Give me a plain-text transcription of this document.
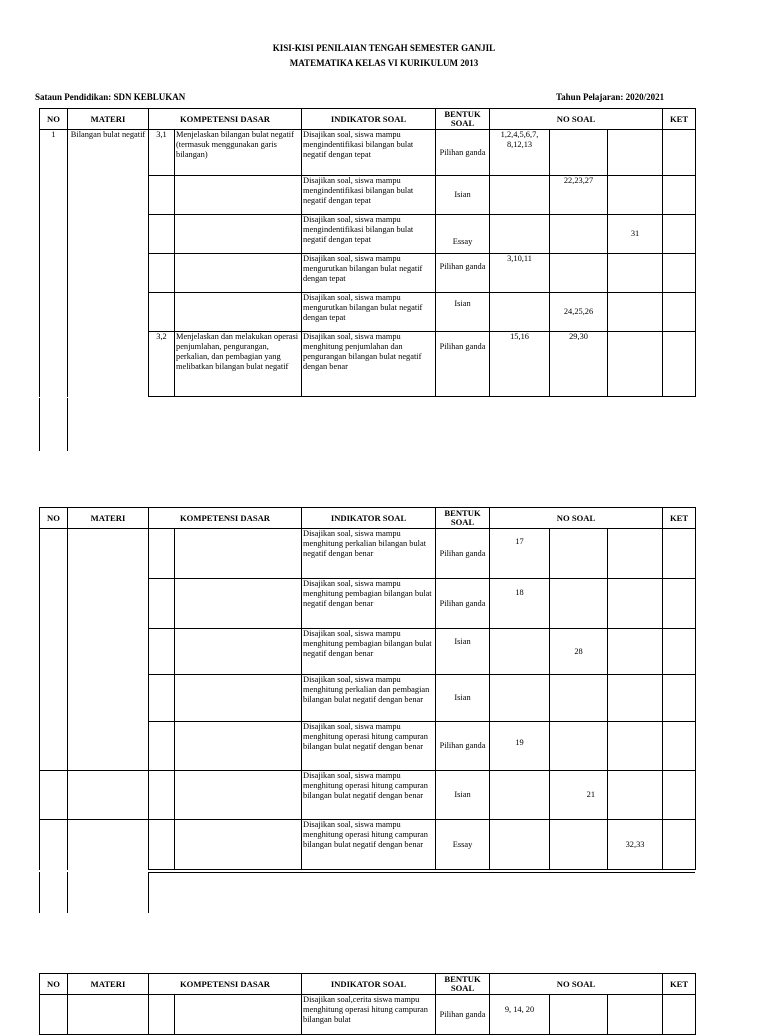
KISI-KISI PENILAIAN TENGAH SEMESTER GANJIL
MATEMATIKA KELAS VI KURIKULUM 2013
Sataun Pendidikan: SDN KEBLUKAN	Tahun Pelajaran: 2020/2021
NO	MATERI	KOMPETENSI DASAR		INDIKATOR SOAL	BENTUK SOAL	NO SOAL			KET
1	Bilangan bulat negatif	3,1	Menjelaskan bilangan bulat negatif (termasuk menggunakan garis bilangan)	Disajikan soal, siswa mampu mengindentifikasi bilangan bulat negatif dengan tepat	Pilihan ganda	1,2,4,5,6,7, 8,12,13			
				Disajikan soal, siswa mampu mengindentifikasi bilangan bulat negatif dengan tepat	Isian		22,23,27		
				Disajikan soal, siswa mampu mengindentifikasi bilangan bulat negatif dengan tepat	Essay			31	
				Disajikan soal, siswa mampu mengurutkan bilangan bulat negatif dengan tepat	Pilihan ganda	3,10,11			
				Disajikan soal, siswa mampu mengurutkan bilangan bulat negatif dengan tepat	Isian		24,25,26		
		3,2	Menjelaskan dan melakukan operasi penjumlahan, pengurangan, perkalian, dan pembagian yang melibatkan bilangan bulat negatif	Disajikan soal, siswa mampu menghitung penjumlahan dan pengurangan bilangan bulat negatif dengan benar	Pilihan ganda	15,16	29,30		
NO	MATERI	KOMPETENSI DASAR		INDIKATOR SOAL	BENTUK SOAL	NO SOAL			KET
				Disajikan soal, siswa mampu menghitung perkalian bilangan bulat negatif dengan benar	Pilihan ganda	17			
				Disajikan soal, siswa mampu menghitung pembagian bilangan bulat negatif dengan benar	Pilihan ganda	18			
				Disajikan soal, siswa mampu menghitung pembagian bilangan bulat negatif dengan benar	Isian		28		
				Disajikan soal, siswa mampu menghitung perkalian dan pembagian bilangan bulat negatif dengan benar	Isian				
				Disajikan soal, siswa mampu menghitung operasi hitung campuran bilangan bulat negatif dengan benar	Pilihan ganda	19			
				Disajikan soal, siswa mampu menghitung operasi hitung campuran bilangan bulat negatif dengan benar	Isian		21		
				Disajikan soal, siswa mampu menghitung operasi hitung campuran bilangan bulat negatif dengan benar	Essay			32,33	
NO	MATERI	KOMPETENSI DASAR		INDIKATOR SOAL	BENTUK SOAL	NO SOAL			KET
				Disajikan soal,cerita siswa mampu menghitung operasi hitung campuran bilangan bulat	Pilihan ganda	9, 14, 20			
